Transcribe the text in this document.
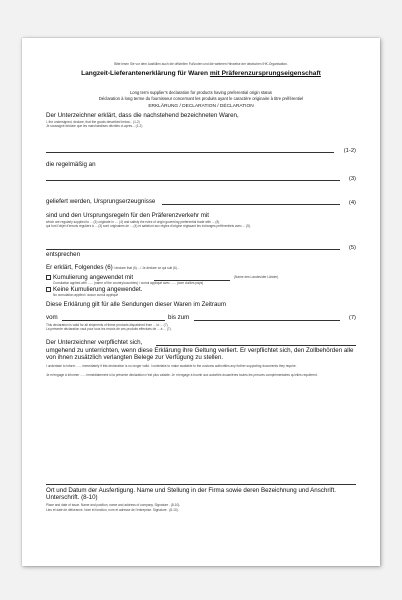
Bitte lesen Sie vor dem Ausfüllen auch die offiziellen Fußnoten und die weiteren Hinweise der deutschen IHK-Organisation.
Langzeit-Lieferantenerklärung für Waren mit Präferenzursprungseigenschaft
Long term supplier’s declaration for products having preferential origin status
Déclaration à long terme du fournisseur concernant les produits ayant le caractère originaire à titre préférentiel
ERKLÄRUNG / DECLARATION / DÉCLARATION
Der Unterzeichner erklärt, dass die nachstehend bezeichneten Waren,
I, the undersigned, declare, that the goods described below... (1-2)
Je soussigné déclare que les marchandises décrites ci-après... (1-2)
(1-2)
die regelmäßig an
(3)
geliefert werden, Ursprungserzeugnisse	(4)
sind und den Ursprungsregeln für den Präferenzverkehr mit
which are regularly supplied to ... (3) originate in .... (4) and satisfy the rules of origin governing preferential trade with ... (5)
qui font l'objet d'envois réguliers à ... (3) sont originaires de ... (4) et satisfont aux règles d'origine régissant les échanges préférentiels avec ... (5).
(5)
entsprechen
Er erklärt, Folgendes (6) I declare that (6)... / Je déclare ce qui suit (6)...
Kumulierung angewendet mit	(Name des Landes/der Länder)
Cumulation applied with ...... (name of the country/countries) / cumul appliqué avec ...... (nom du/des pays)
Keine Kumulierung angewendet.
No cumulation applied / aucun cumul appliqué
Diese Erklärung gilt für alle Sendungen dieser Waren im Zeitraum
vom	bis zum	(7)
This declaration is valid for all shipments of these products dispatched from ... to ... (7).
La présente déclaration vaut pour tous les envois de ces produits effectués de ... à ... (7).
Der Unterzeichner verpflichtet sich,
umgehend zu unterrichten, wenn diese Erklärung ihre Geltung verliert. Er verpflichtet sich, den Zollbehörden alle von ihnen zusätzlich verlangten Belege zur Verfügung zu stellen.
I undertake to inform ...... immediately if this declaration is no longer valid. I undertake to make available to the customs authorities any further supporting documents they require.
Je m'engage à informer ...... immédiatement si la présente déclaration n'est plus valable. Je m'engage à fournir aux autorités douanières toutes les preuves complémentaires qu'elles requièrent.
Ort und Datum der Ausfertigung. Name und Stellung in der Firma sowie deren Bezeichnung und Anschrift. Unterschrift. (8-10)
Place and date of issue. Name and position, name and address of company. Signature . (8-10).
Lieu et date de délivrance. Nom et fonction, nom et adresse de l'entreprise. Signature . (8-10).
